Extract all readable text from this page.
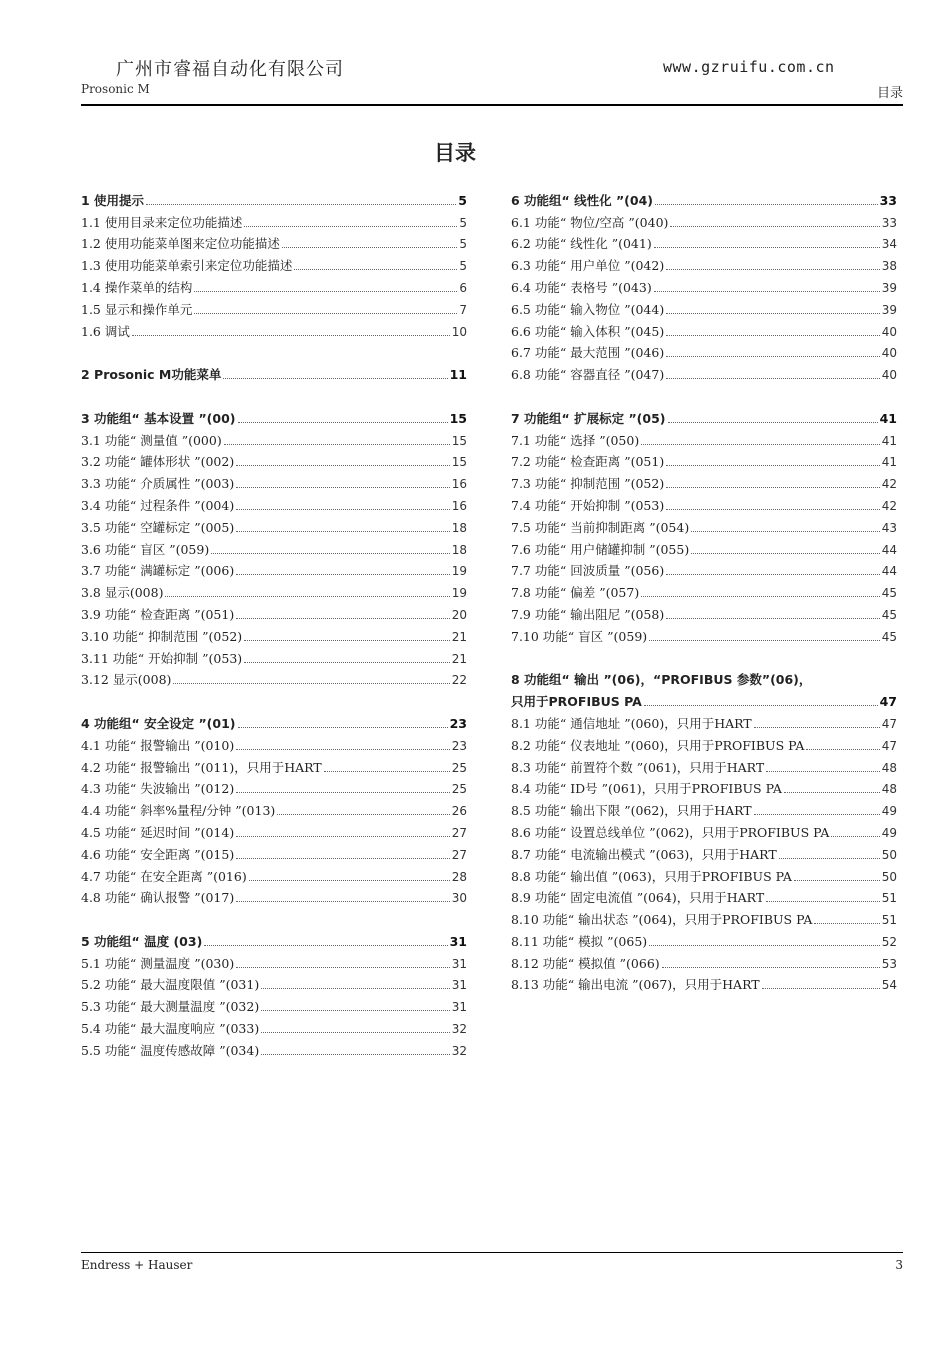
广州市睿福自动化有限公司
Prosonic M
www.gzruifu.com.cn
目录
目录
1 使用提示	5
1.1 使用目录来定位功能描述	5
1.2 使用功能菜单图来定位功能描述	5
1.3 使用功能菜单索引来定位功能描述	5
1.4 操作菜单的结构	6
1.5 显示和操作单元	7
1.6 调试	10
2 Prosonic M功能菜单	11
3 功能组“ 基本设置 ”(00)	15
3.1 功能“ 测量值 ”(000)	15
3.2 功能“ 罐体形状 ”(002)	15
3.3 功能“ 介质属性 ”(003)	16
3.4 功能“ 过程条件 ”(004)	16
3.5 功能“ 空罐标定 ”(005)	18
3.6 功能“ 盲区 ”(059)	18
3.7 功能“ 满罐标定 ”(006)	19
3.8 显示(008)	19
3.9 功能“ 检查距离 ”(051)	20
3.10 功能“ 抑制范围 ”(052)	21
3.11 功能“ 开始抑制 ”(053)	21
3.12 显示(008)	22
4 功能组“ 安全设定 ”(01)	23
4.1 功能“ 报警输出 ”(010)	23
4.2 功能“ 报警输出 ”(011)，只用于HART	25
4.3 功能“ 失波输出 ”(012)	25
4.4 功能“ 斜率%量程/分钟 ”(013)	26
4.5 功能“ 延迟时间 ”(014)	27
4.6 功能“ 安全距离 ”(015)	27
4.7 功能“ 在安全距离 ”(016)	28
4.8 功能“ 确认报警 ”(017)	30
5 功能组“ 温度 (03)	31
5.1 功能“ 测量温度 ”(030)	31
5.2 功能“ 最大温度限值 ”(031)	31
5.3 功能“ 最大测量温度 ”(032)	31
5.4 功能“ 最大温度响应 ”(033)	32
5.5 功能“ 温度传感故障 ”(034)	32
6 功能组“ 线性化 ”(04)	33
6.1 功能“ 物位/空高 ”(040)	33
6.2 功能“ 线性化 ”(041)	34
6.3 功能“ 用户单位 ”(042)	38
6.4 功能“ 表格号 ”(043)	39
6.5 功能“ 输入物位 ”(044)	39
6.6 功能“ 输入体积 ”(045)	40
6.7 功能“ 最大范围 ”(046)	40
6.8 功能“ 容器直径 ”(047)	40
7 功能组“ 扩展标定 ”(05)	41
7.1 功能“ 选择 ”(050)	41
7.2 功能“ 检查距离 ”(051)	41
7.3 功能“ 抑制范围 ”(052)	42
7.4 功能“ 开始抑制 ”(053)	42
7.5 功能“ 当前抑制距离 ”(054)	43
7.6 功能“ 用户储罐抑制 ”(055)	44
7.7 功能“ 回波质量 ”(056)	44
7.8 功能“ 偏差 ”(057)	45
7.9 功能“ 输出阻尼 ”(058)	45
7.10 功能“ 盲区 ”(059)	45
8 功能组“ 输出 ”(06)，“PROFIBUS 参数”(06)，
只用于PROFIBUS PA	47
8.1 功能“ 通信地址 ”(060)，只用于HART	47
8.2 功能“ 仪表地址 ”(060)，只用于PROFIBUS PA	47
8.3 功能“ 前置符个数 ”(061)，只用于HART	48
8.4 功能“ ID号 ”(061)，只用于PROFIBUS PA	48
8.5 功能“ 输出下限 ”(062)，只用于HART	49
8.6 功能“ 设置总线单位 ”(062)，只用于PROFIBUS PA	49
8.7 功能“ 电流输出模式 ”(063)，只用于HART	50
8.8 功能“ 输出值 ”(063)，只用于PROFIBUS PA	50
8.9 功能“ 固定电流值 ”(064)，只用于HART	51
8.10 功能“ 输出状态 ”(064)，只用于PROFIBUS PA	51
8.11 功能“ 模拟 ”(065)	52
8.12 功能“ 模拟值 ”(066)	53
8.13 功能“ 输出电流 ”(067)，只用于HART	54
Endress + Hauser	3
